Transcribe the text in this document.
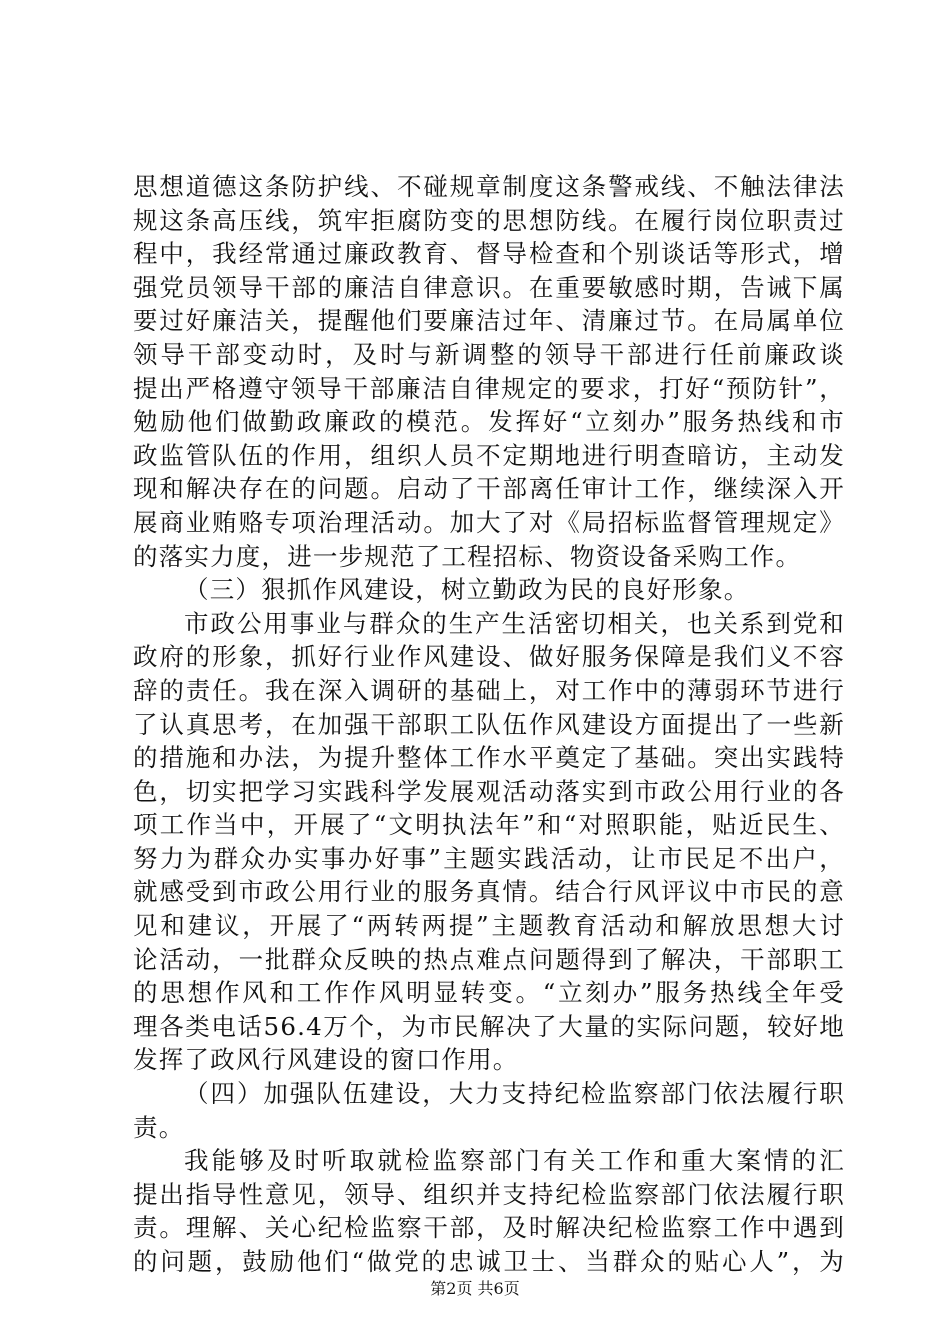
思想道德这条防护线、不碰规章制度这条警戒线、不触法律法
规这条高压线，筑牢拒腐防变的思想防线。在履行岗位职责过
程中，我经常通过廉政教育、督导检查和个别谈话等形式，增
强党员领导干部的廉洁自律意识。在重要敏感时期，告诫下属
要过好廉洁关，提醒他们要廉洁过年、清廉过节。在局属单位
领导干部变动时，及时与新调整的领导干部进行任前廉政谈
提出严格遵守领导干部廉洁自律规定的要求，打好“预防针”，
勉励他们做勤政廉政的模范。发挥好“立刻办”服务热线和市
政监管队伍的作用，组织人员不定期地进行明查暗访，主动发
现和解决存在的问题。启动了干部离任审计工作，继续深入开
展商业贿赂专项治理活动。加大了对《局招标监督管理规定》
的落实力度，进一步规范了工程招标、物资设备采购工作。
（三）狠抓作风建设，树立勤政为民的良好形象。
市政公用事业与群众的生产生活密切相关，也关系到党和
政府的形象，抓好行业作风建设、做好服务保障是我们义不容
辞的责任。我在深入调研的基础上，对工作中的薄弱环节进行
了认真思考，在加强干部职工队伍作风建设方面提出了一些新
的措施和办法，为提升整体工作水平奠定了基础。突出实践特
色，切实把学习实践科学发展观活动落实到市政公用行业的各
项工作当中，开展了“文明执法年”和“对照职能，贴近民生、
努力为群众办实事办好事”主题实践活动，让市民足不出户，
就感受到市政公用行业的服务真情。结合行风评议中市民的意
见和建议，开展了“两转两提”主题教育活动和解放思想大讨
论活动，一批群众反映的热点难点问题得到了解决，干部职工
的思想作风和工作作风明显转变。“立刻办”服务热线全年受
理各类电话56.4万个，为市民解决了大量的实际问题，较好地
发挥了政风行风建设的窗口作用。
（四）加强队伍建设，大力支持纪检监察部门依法履行职
责。
我能够及时听取就检监察部门有关工作和重大案情的汇
提出指导性意见，领导、组织并支持纪检监察部门依法履行职
责。理解、关心纪检监察干部，及时解决纪检监察工作中遇到
的问题，鼓励他们“做党的忠诚卫士、当群众的贴心人”，为
第2页 共6页
